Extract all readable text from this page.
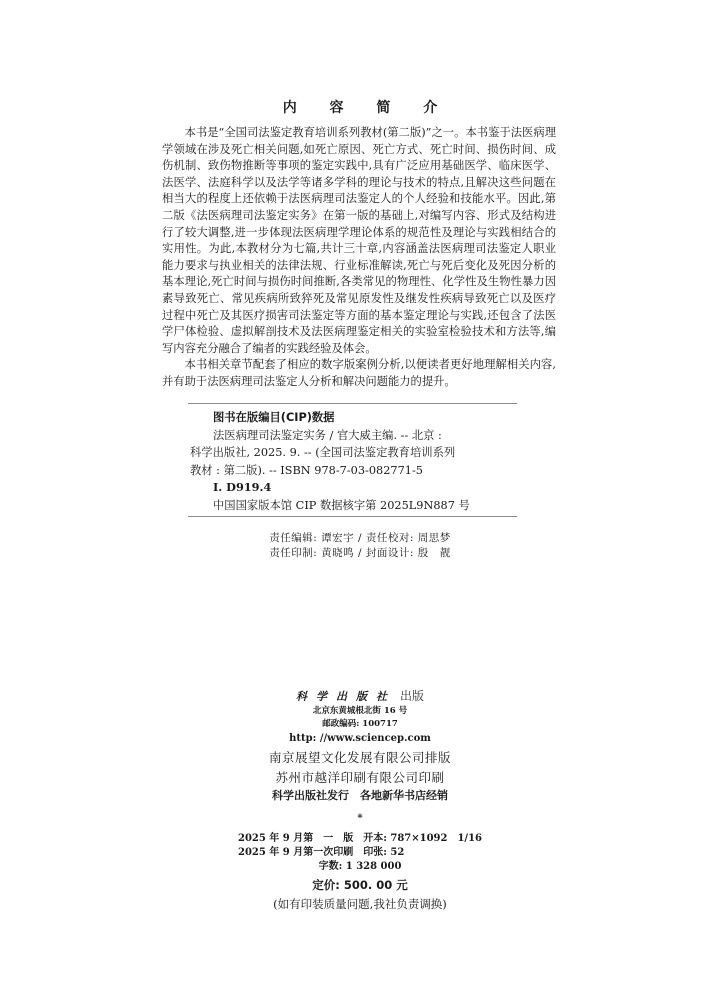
内 容 简 介

本书是“全国司法鉴定教育培训系列教材(第二版)”之一。本书鉴于法医病理学领域在涉及死亡相关问题,如死亡原因、死亡方式、死亡时间、损伤时间、成伤机制、致伤物推断等事项的鉴定实践中,具有广泛应用基础医学、临床医学、法医学、法庭科学以及法学等诸多学科的理论与技术的特点,且解决这些问题在相当大的程度上还依赖于法医病理司法鉴定人的个人经验和技能水平。因此,第二版《法医病理司法鉴定实务》在第一版的基础上,对编写内容、形式及结构进行了较大调整,进一步体现法医病理学理论体系的规范性及理论与实践相结合的实用性。为此,本教材分为七篇,共计三十章,内容涵盖法医病理司法鉴定人职业能力要求与执业相关的法律法规、行业标准解读,死亡与死后变化及死因分析的基本理论,死亡时间与损伤时间推断,各类常见的物理性、化学性及生物性暴力因素导致死亡、常见疾病所致猝死及常见原发性及继发性疾病导致死亡以及医疗过程中死亡及其医疗损害司法鉴定等方面的基本鉴定理论与实践,还包含了法医学尸体检验、虚拟解剖技术及法医病理鉴定相关的实验室检验技术和方法等,编写内容充分融合了编者的实践经验及体会。

本书相关章节配套了相应的数字版案例分析,以便读者更好地理解相关内容,并有助于法医病理司法鉴定人分析和解决问题能力的提升。

图书在版编目(CIP)数据
法医病理司法鉴定实务 / 官大威主编. -- 北京 :
科学出版社, 2025. 9. -- (全国司法鉴定教育培训系列
教材 : 第二版). -- ISBN 978-7-03-082771-5
Ⅰ. D919.4
中国国家版本馆 CIP 数据核字第 2025L9N887 号
责任编辑: 谭宏宇 / 责任校对: 周思梦
责任印制: 黄晓鸣 / 封面设计: 殷　靓
科学出版社 出版
北京东黄城根北街 16 号
邮政编码: 100717
http: //www.sciencep.com
南京展望文化发展有限公司排版
苏州市越洋印刷有限公司印刷
科学出版社发行　各地新华书店经销
*
2025 年 9 月第　一　版　开本: 787×1092　1/16
2025 年 9 月第一次印刷　印张: 52
字数: 1 328 000
定价: 500. 00 元
(如有印装质量问题,我社负责调换)
